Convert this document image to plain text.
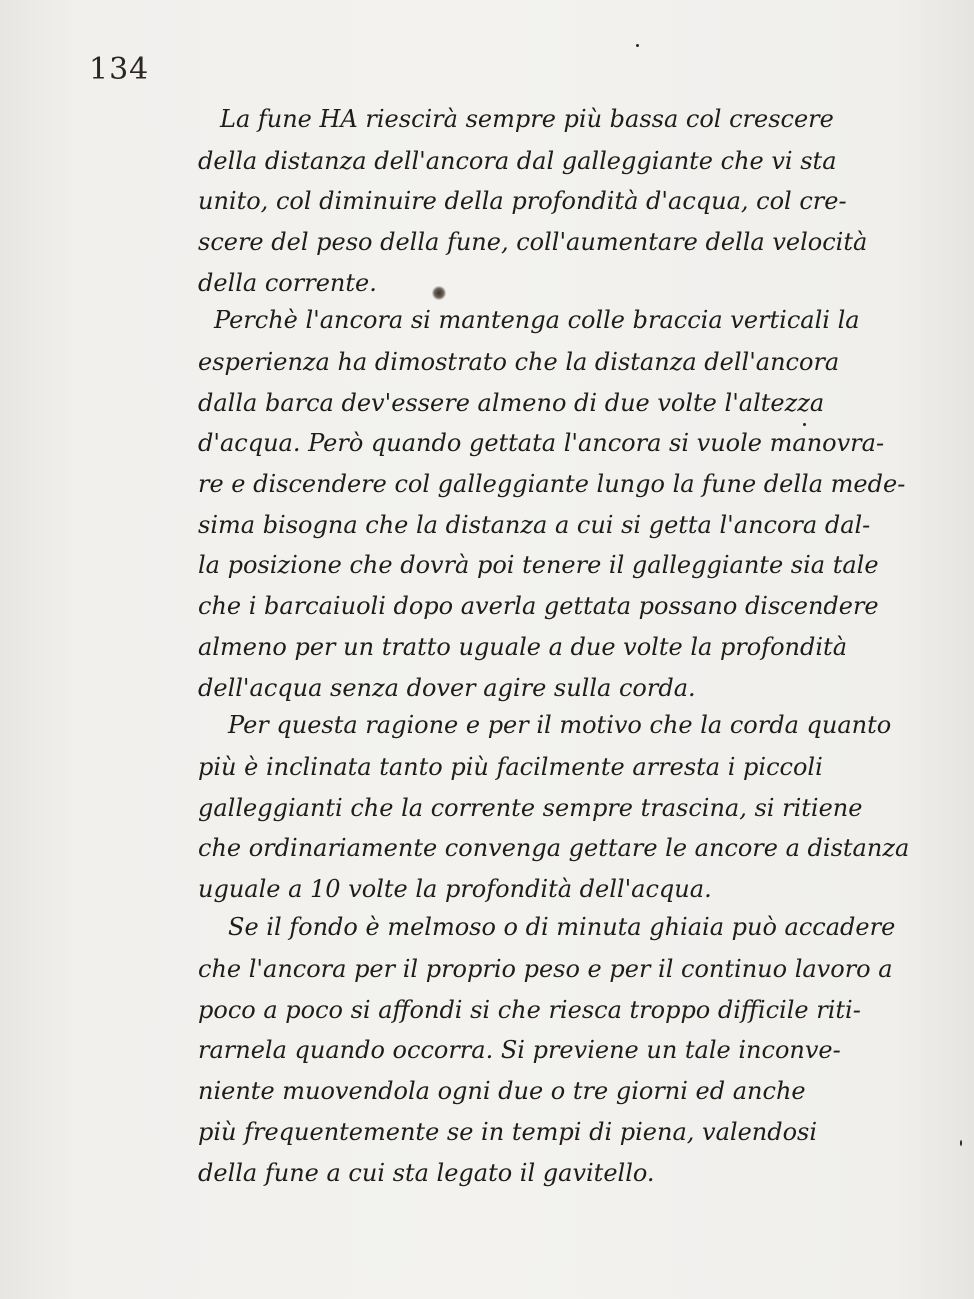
134
La fune HA riescirà sempre più bassa col crescere
della distanza dell'ancora dal galleggiante che vi sta
unito, col diminuire della profondità d'acqua, col cre-
scere del peso della fune, coll'aumentare della velocità
della corrente.
Perchè l'ancora si mantenga colle braccia verticali la
esperienza ha dimostrato che la distanza dell'ancora
dalla barca dev'essere almeno di due volte l'altezza
d'acqua. Però quando gettata l'ancora si vuole manovra-
re e discendere col galleggiante lungo la fune della mede-
sima bisogna che la distanza a cui si getta l'ancora dal-
la posizione che dovrà poi tenere il galleggiante sia tale
che i barcaiuoli dopo averla gettata possano discendere
almeno per un tratto uguale a due volte la profondità
dell'acqua senza dover agire sulla corda.
Per questa ragione e per il motivo che la corda quanto
più è inclinata tanto più facilmente arresta i piccoli
galleggianti che la corrente sempre trascina, si ritiene
che ordinariamente convenga gettare le ancore a distanza
uguale a 10 volte la profondità dell'acqua.
Se il fondo è melmoso o di minuta ghiaia può accadere
che l'ancora per il proprio peso e per il continuo lavoro a
poco a poco si affondi si che riesca troppo difficile riti-
rarnela quando occorra. Si previene un tale inconve-
niente muovendola ogni due o tre giorni ed anche
più frequentemente se in tempi di piena, valendosi
della fune a cui sta legato il gavitello.
